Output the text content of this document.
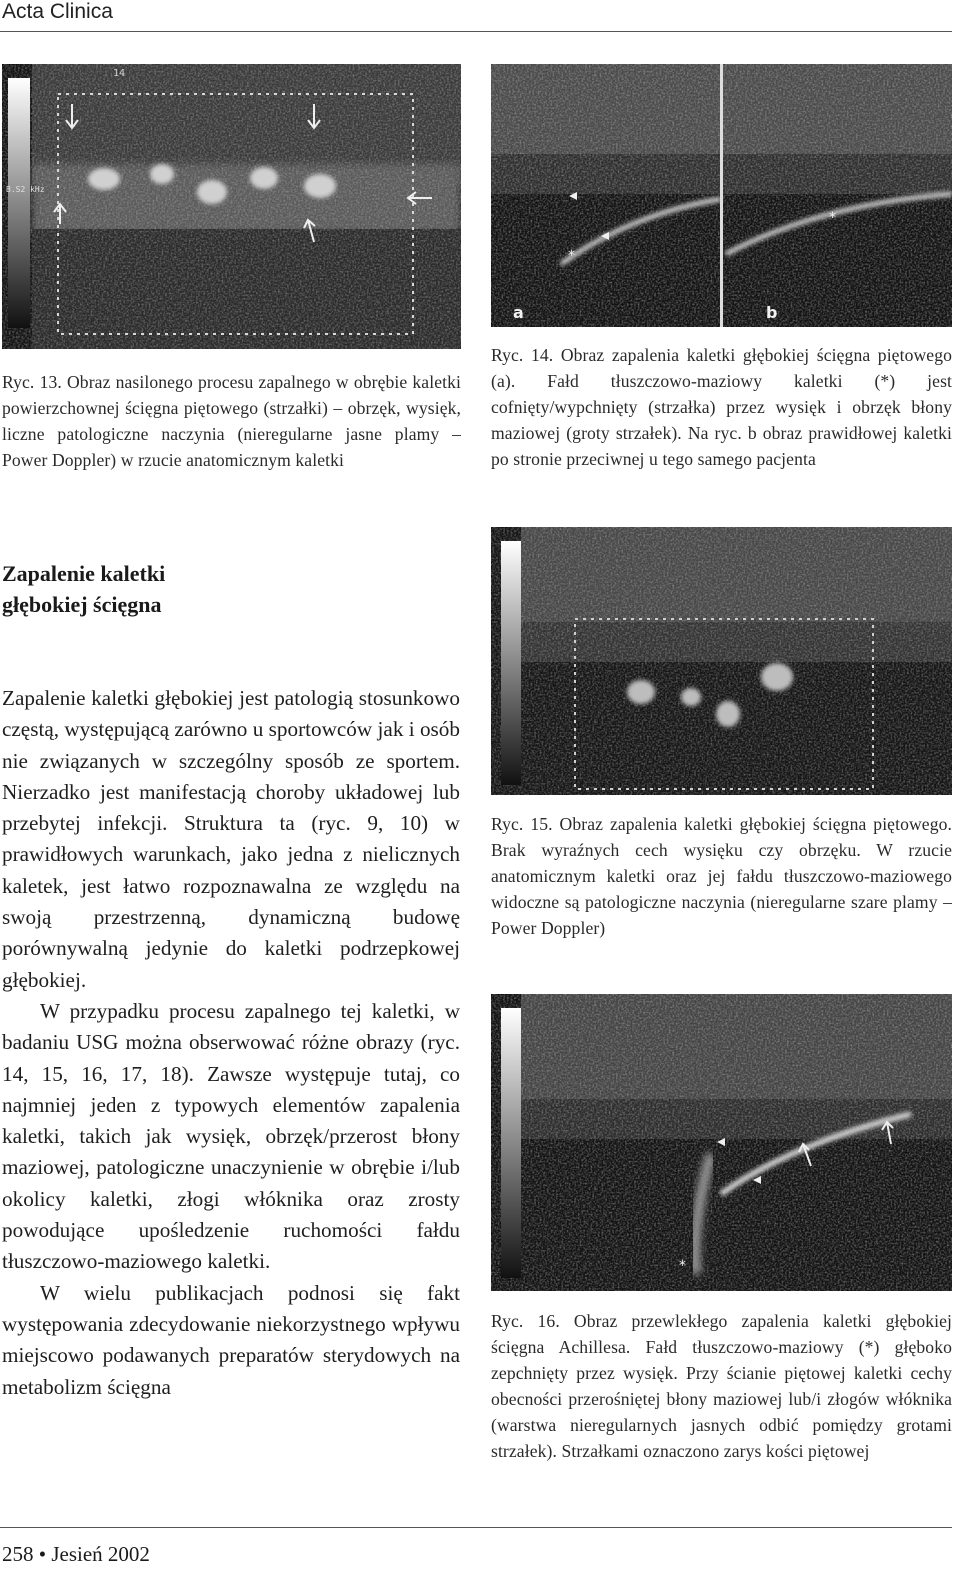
Acta Clinica
14
B.S2 kHz
Ryc. 13. Obraz nasilonego procesu zapalnego w obrębie kaletki powierzchownej ścięgna piętowego (strzałki) – obrzęk, wysięk, liczne patologiczne naczynia (nieregularne jasne plamy – Power Doppler) w rzucie anatomicznym kaletki
*
*
a	b
Ryc. 14. Obraz zapalenia kaletki głębokiej ścięgna piętowego (a). Fałd tłuszczowo-maziowy kaletki (*) jest cofnięty/wypchnięty (strzałka) przez wysięk i obrzęk błony maziowej (groty strzałek). Na ryc. b obraz prawidłowej kaletki po stronie przeciwnej u tego samego pacjenta
Zapalenie kaletki głębokiej ścięgna

Zapalenie kaletki głębokiej jest patologią stosunkowo częstą, występującą zarówno u sportowców jak i osób nie związanych w szczególny sposób ze sportem. Nierzadko jest manifestacją choroby układowej lub przebytej infekcji. Struktura ta (ryc. 9, 10) w prawidłowych warunkach, jako jedna z nielicznych kaletek, jest łatwo rozpoznawalna ze względu na swoją przestrzenną, dynamiczną budowę porównywalną jedynie do kaletki podrzepkowej głębokiej.

W przypadku procesu zapalnego tej kaletki, w badaniu USG można obserwować różne obrazy (ryc. 14, 15, 16, 17, 18). Zawsze występuje tutaj, co najmniej jeden z typowych elementów zapalenia kaletki, takich jak wysięk, obrzęk/przerost błony maziowej, patologiczne unaczynienie w obrębie i/lub okolicy kaletki, złogi włóknika oraz zrosty powodujące upośledzenie ruchomości fałdu tłuszczowo-maziowego kaletki.

W wielu publikacjach podnosi się fakt występowania zdecydowanie niekorzystnego wpływu miejscowo podawanych preparatów sterydowych na metabolizm ścięgna

Ryc. 15. Obraz zapalenia kaletki głębokiej ścięgna piętowego. Brak wyraźnych cech wysięku czy obrzęku. W rzucie anatomicznym kaletki oraz jej fałdu tłuszczowo-maziowego widoczne są patologiczne naczynia (nieregularne szare plamy – Power Doppler)
*
Ryc. 16. Obraz przewlekłego zapalenia kaletki głębokiej ścięgna Achillesa. Fałd tłuszczowo-maziowy (*) głęboko zepchnięty przez wysięk. Przy ścianie piętowej kaletki cechy obecności przerośniętej błony maziowej lub/i złogów włóknika (warstwa nieregularnych jasnych odbić pomiędzy grotami strzałek). Strzałkami oznaczono zarys kości piętowej
258 • Jesień 2002
